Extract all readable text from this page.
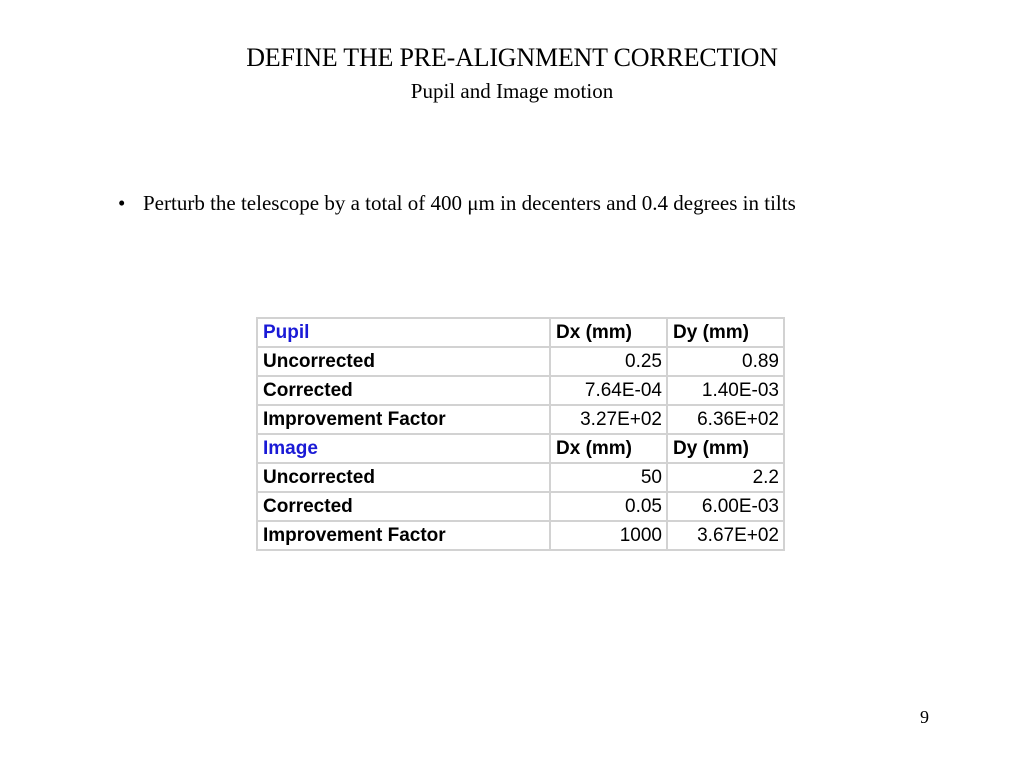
DEFINE THE PRE-ALIGNMENT CORRECTION
Pupil and Image motion
• Perturb the telescope by a total of 400 μm in decenters and 0.4 degrees in tilts
Pupil	Dx (mm)	Dy (mm)
Uncorrected	0.25	0.89
Corrected	7.64E-04	1.40E-03
Improvement Factor	3.27E+02	6.36E+02
Image	Dx (mm)	Dy (mm)
Uncorrected	50	2.2
Corrected	0.05	6.00E-03
Improvement Factor	1000	3.67E+02
9
